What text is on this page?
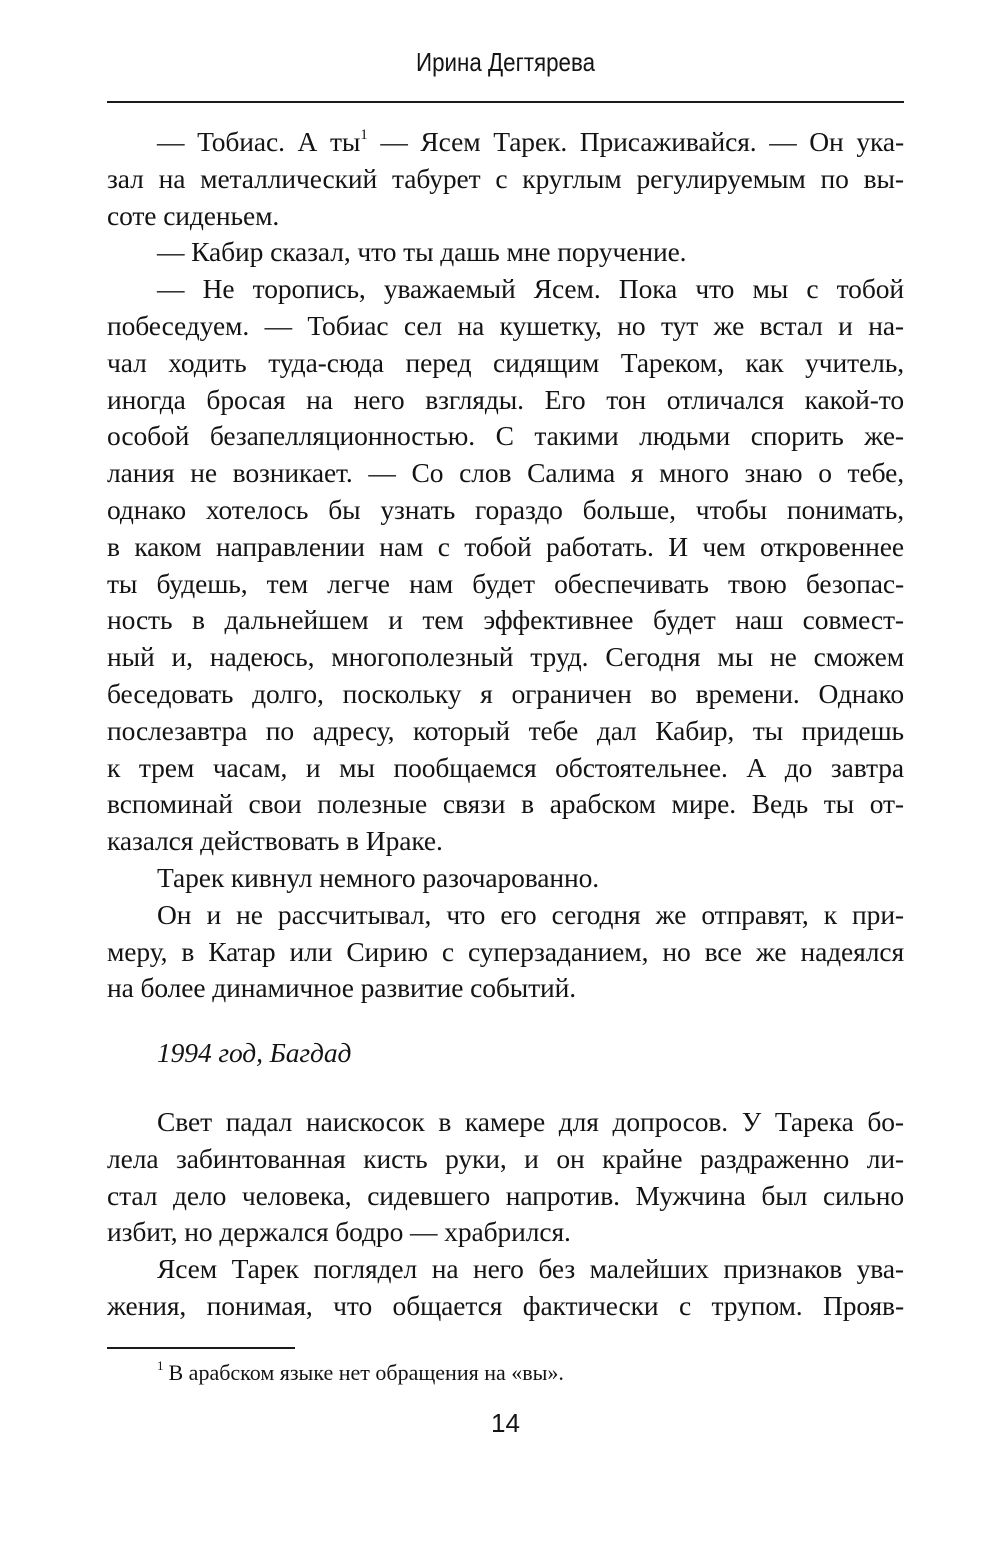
Ирина Дегтярева
— Тобиас. А ты$^1$ — Ясем Тарек. Присаживайся. — Он ука-
зал на металлический табурет с круглым регулируемым по вы-
соте сиденьем.
— Кабир сказал, что ты дашь мне поручение.
— Не торопись, уважаемый Ясем. Пока что мы с тобой
побеседуем. — Тобиас сел на кушетку, но тут же встал и на-
чал ходить туда-сюда перед сидящим Тареком, как учитель,
иногда бросая на него взгляды. Его тон отличался какой-то
особой безапелляционностью. С такими людьми спорить же-
лания не возникает. — Со слов Салима я много знаю о тебе,
однако хотелось бы узнать гораздо больше, чтобы понимать,
в каком направлении нам с тобой работать. И чем откровеннее
ты будешь, тем легче нам будет обеспечивать твою безопас-
ность в дальнейшем и тем эффективнее будет наш совмест-
ный и, надеюсь, многополезный труд. Сегодня мы не сможем
беседовать долго, поскольку я ограничен во времени. Однако
послезавтра по адресу, который тебе дал Кабир, ты придешь
к трем часам, и мы пообщаемся обстоятельнее. А до завтра
вспоминай свои полезные связи в арабском мире. Ведь ты от-
казался действовать в Ираке.
Тарек кивнул немного разочарованно.
Он и не рассчитывал, что его сегодня же отправят, к при-
меру, в Катар или Сирию с суперзаданием, но все же надеялся
на более динамичное развитие событий.
1994 год, Багдад
Свет падал наискосок в камере для допросов. У Тарека бо-
лела забинтованная кисть руки, и он крайне раздраженно ли-
стал дело человека, сидевшего напротив. Мужчина был сильно
избит, но держался бодро — храбрился.
Ясем Тарек поглядел на него без малейших признаков ува-
жения, понимая, что общается фактически с трупом. Прояв-
$^1$ В арабском языке нет обращения на «вы».
14
